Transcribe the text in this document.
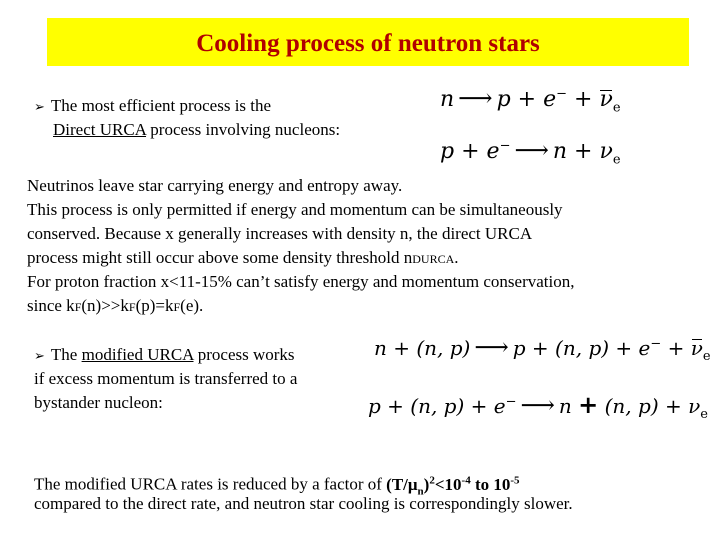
Cooling process of neutron stars
➢ The most efficient process is the
Direct URCA process involving nucleons:
n ⟶ $p + e^- + \nu_e$
p + e− ⟶ $n + \nu_e$
Neutrinos leave star carrying energy and entropy away.
This process is only permitted if energy and momentum can be simultaneously
conserved. Because x generally increases with density n, the direct URCA
process might still occur above some density threshold nDURCA.
For proton fraction x<11-15% can’t satisfy energy and momentum conservation,
since kF(n)>>kF(p)=kF(e).
➢ The modified URCA process works
if excess momentum is transferred to a
bystander nucleon:
n + (n, p) ⟶ p + (n, $p) + e^- + \nu_e$
p + (n, p) + e− ⟶ n + (n, $p) + \nu_e$
The modified URCA rates is reduced by a factor of $(T/\mu_n)^2<10^{-4}$ to $10^{-5}$
compared to the direct rate, and neutron star cooling is correspondingly slower.
